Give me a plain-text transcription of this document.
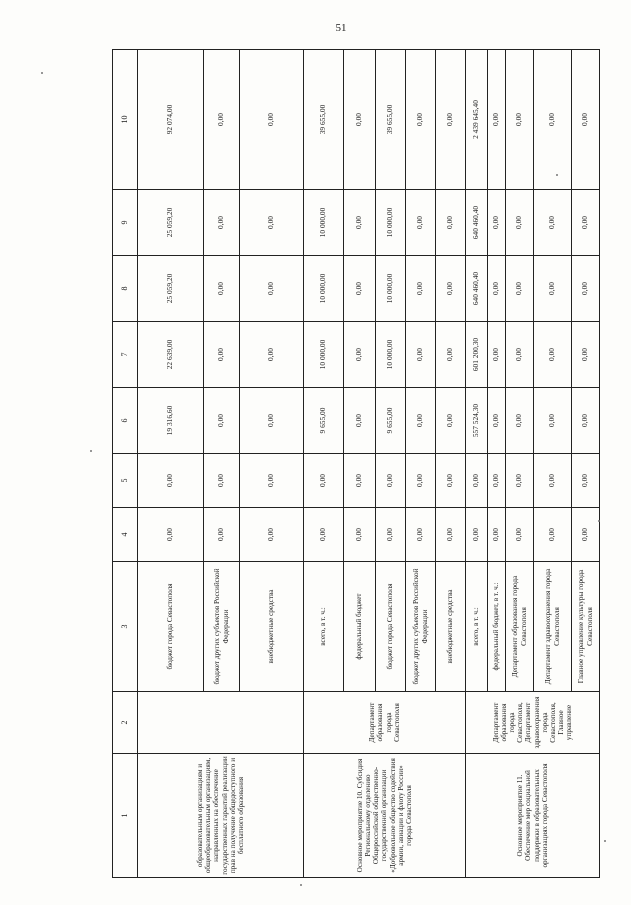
51
1	2	3	4	5	6	7	8	9	10
образовательным организациям и общеобразовательным организациям, направленных на обеспечение государственных гарантий реализации прав на получение общедоступного и бесплатного образования		бюджет города Севастополя	0,00	0,00	19 316,60	22 639,00	25 059,20	25 059,20	92 074,00
		бюджет других субъектов Российской Федерации	0,00	0,00	0,00	0,00	0,00	0,00	0,00
		внебюджетные средства	0,00	0,00	0,00	0,00	0,00	0,00	0,00
Основное мероприятие 10. Субсидия Региональному отделению Общероссийской общественно-государственной организации «Добровольное общество содействия армии, авиации и флоту России» города Севастополя	Департамент образования города Севастополя	всего, в т. ч.:	0,00	0,00	9 655,00	10 000,00	10 000,00	10 000,00	39 655,00
		федеральный бюджет	0,00	0,00	0,00	0,00	0,00	0,00	0,00
		бюджет города Севастополя	0,00	0,00	9 655,00	10 000,00	10 000,00	10 000,00	39 655,00
		бюджет других субъектов Российской Федерации	0,00	0,00	0,00	0,00	0,00	0,00	0,00
		внебюджетные средства	0,00	0,00	0,00	0,00	0,00	0,00	0,00
Основное мероприятие 11. Обеспечение мер социальной поддержки в образовательных организациях города Севастополя	Департамент образования города Севастополя, Департамент здравоохранения города Севастополя, Главное управление	всего, в т. ч.:	0,00	0,00	557 524,30	601 200,30	640 460,40	640 460,40	2 439 645,40
		федеральный бюджет, в т. ч.:	0,00	0,00	0,00	0,00	0,00	0,00	0,00
		Департамент образования города Севастополя	0,00	0,00	0,00	0,00	0,00	0,00	0,00
		Департамент здравоохранения города Севастополя	0,00	0,00	0,00	0,00	0,00	0,00	0,00
		Главное управление культуры города Севастополя	0,00	0,00	0,00	0,00	0,00	0,00	0,00
